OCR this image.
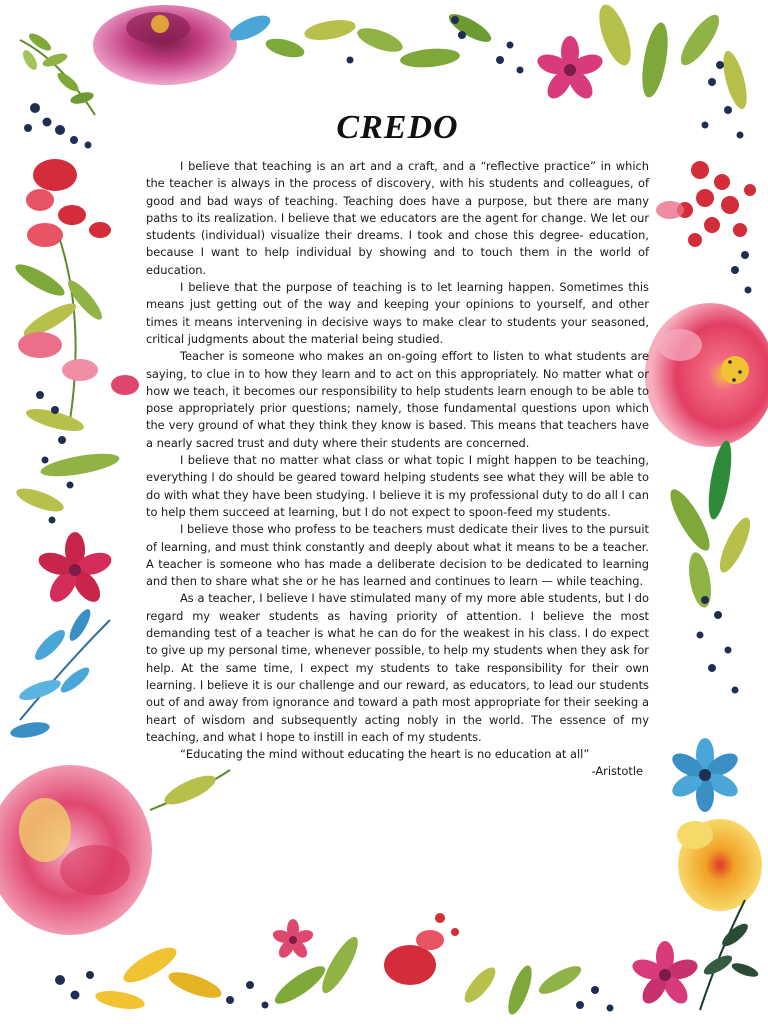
CREDO

I believe that teaching is an art and a craft, and a “reflective practice” in which the teacher is always in the process of discovery, with his students and colleagues, of good and bad ways of teaching. Teaching does have a purpose, but there are many paths to its realization. I believe that we educators are the agent for change. We let our students (individual) visualize their dreams. I took and chose this degree- education, because I want to help individual by showing and to touch them in the world of education.

I believe that the purpose of teaching is to let learning happen. Sometimes this means just getting out of the way and keeping your opinions to yourself, and other times it means intervening in decisive ways to make clear to students your seasoned, critical judgments about the material being studied.

Teacher is someone who makes an on-going effort to listen to what students are saying, to clue in to how they learn and to act on this appropriately. No matter what or how we teach, it becomes our responsibility to help students learn enough to be able to pose appropriately prior questions; namely, those fundamental questions upon which the very ground of what they think they know is based. This means that teachers have a nearly sacred trust and duty where their students are concerned.

I believe that no matter what class or what topic I might happen to be teaching, everything I do should be geared toward helping students see what they will be able to do with what they have been studying. I believe it is my professional duty to do all I can to help them succeed at learning, but I do not expect to spoon-feed my students.

I believe those who profess to be teachers must dedicate their lives to the pursuit of learning, and must think constantly and deeply about what it means to be a teacher. A teacher is someone who has made a deliberate decision to be dedicated to learning and then to share what she or he has learned and continues to learn — while teaching.

As a teacher, I believe I have stimulated many of my more able students, but I do regard my weaker students as having priority of attention. I believe the most demanding test of a teacher is what he can do for the weakest in his class. I do expect to give up my personal time, whenever possible, to help my students when they ask for help. At the same time, I expect my students to take responsibility for their own learning. I believe it is our challenge and our reward, as educators, to lead our students out of and away from ignorance and toward a path most appropriate for their seeking a heart of wisdom and subsequently acting nobly in the world. The essence of my teaching, and what I hope to instill in each of my students.

“Educating the mind without educating the heart is no education at all”

-Aristotle
